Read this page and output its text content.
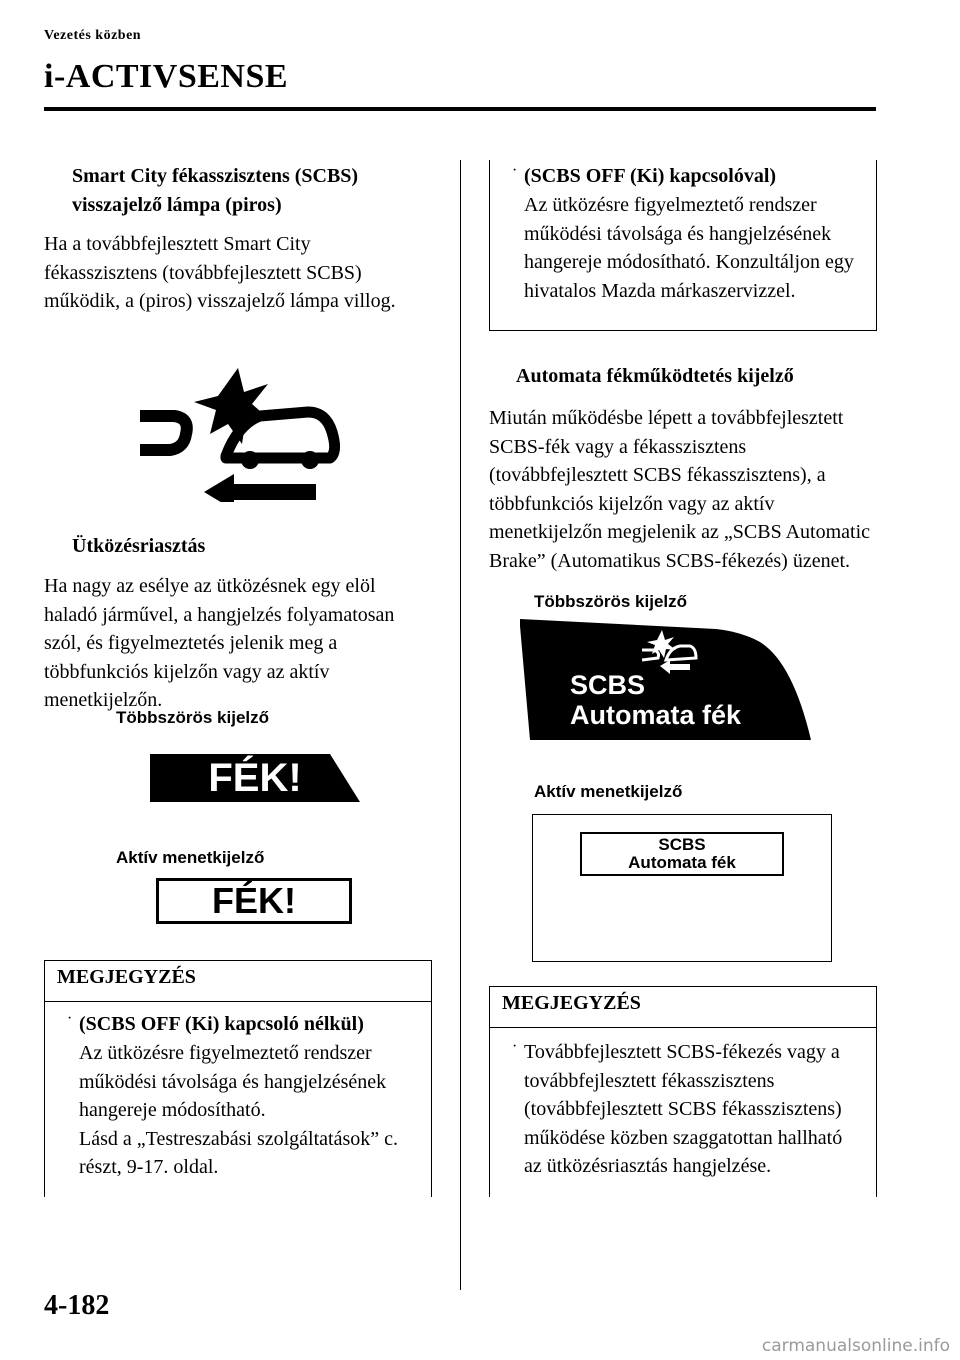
Vezetés közben
i-ACTIVSENSE
Smart City fékasszisztens (SCBS) visszajelző lámpa (piros)
Ha a továbbfejlesztett Smart City fékasszisztens (továbbfejlesztett SCBS) működik, a (piros) visszajelző lámpa villog.
Ütközésriasztás
Ha nagy az esélye az ütközésnek egy elöl haladó járművel, a hangjelzés folyamatosan szól, és figyelmeztetés jelenik meg a többfunkciós kijelzőn vagy az aktív menetkijelzőn.
Többszörös kijelző
FÉK!
Aktív menetkijelző
FÉK!
MEGJEGYZÉS
· (SCBS OFF (Ki) kapcsoló nélkül)
Az ütközésre figyelmeztető rendszer működési távolsága és hangjelzésének hangereje módosítható.
Lásd a „Testreszabási szolgáltatások” c. részt, 9-17. oldal.
· (SCBS OFF (Ki) kapcsolóval)
Az ütközésre figyelmeztető rendszer működési távolsága és hangjelzésének hangereje módosítható. Konzultáljon egy hivatalos Mazda márkaszervizzel.
Automata fékműködtetés kijelző
Miután működésbe lépett a továbbfejlesztett SCBS-fék vagy a fékasszisztens (továbbfejlesztett SCBS fékasszisztens), a többfunkciós kijelzőn vagy az aktív menetkijelzőn megjelenik az „SCBS Automatic Brake” (Automatikus SCBS-fékezés) üzenet.
Többszörös kijelző
SCBS
Automata fék
Aktív menetkijelző
SCBS
Automata fék
MEGJEGYZÉS
· Továbbfejlesztett SCBS-fékezés vagy a továbbfejlesztett fékasszisztens (továbbfejlesztett SCBS fékasszisztens) működése közben szaggatottan hallható az ütközésriasztás hangjelzése.
4-182
carmanualsonline.info
